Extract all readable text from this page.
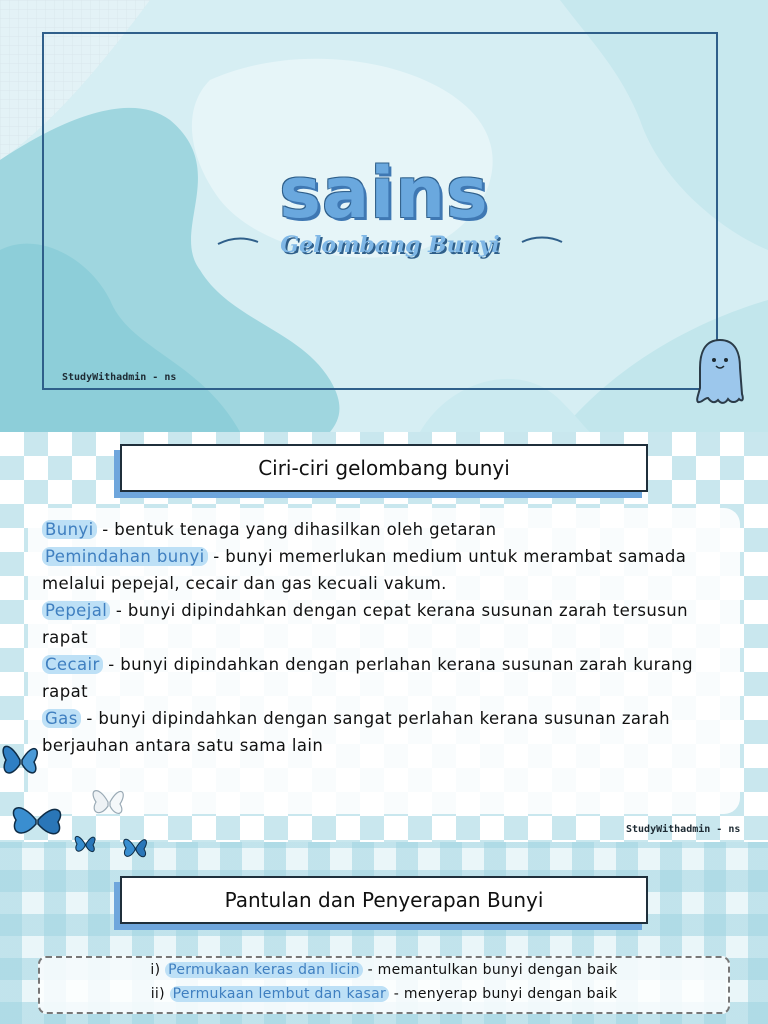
sains
Gelombang Bunyi
StudyWithadmin - ns
Ciri-ciri gelombang bunyi
Bunyi - bentuk tenaga yang dihasilkan oleh getaran
Pemindahan bunyi - bunyi memerlukan medium untuk merambat samada melalui pepejal, cecair dan gas kecuali vakum.
Pepejal - bunyi dipindahkan dengan cepat kerana susunan zarah tersusun rapat
Cecair - bunyi dipindahkan dengan perlahan kerana susunan zarah kurang rapat
Gas - bunyi dipindahkan dengan sangat perlahan kerana susunan zarah berjauhan antara satu sama lain
StudyWithadmin - ns
Pantulan dan Penyerapan Bunyi
i) Permukaan keras dan licin - memantulkan bunyi dengan baik
ii) Permukaan lembut dan kasar - menyerap bunyi dengan baik
